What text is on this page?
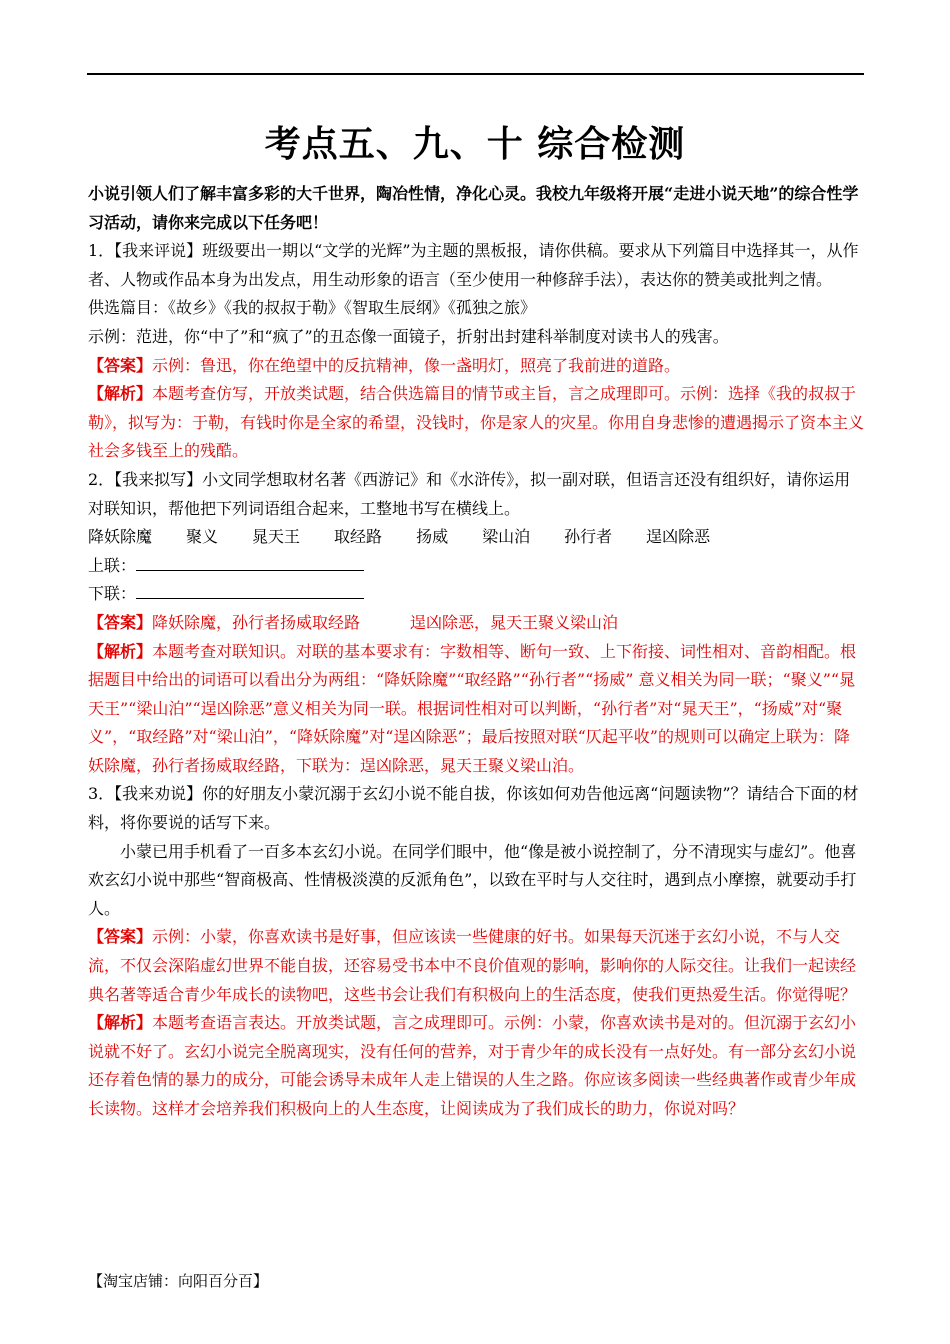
考点五、九、十 综合检测

小说引领人们了解丰富多彩的大千世界，陶冶性情，净化心灵。我校九年级将开展“走进小说天地”的综合性学习活动，请你来完成以下任务吧！

1．【我来评说】班级要出一期以“文学的光辉”为主题的黑板报，请你供稿。要求从下列篇目中选择其一，从作者、人物或作品本身为出发点，用生动形象的语言（至少使用一种修辞手法），表达你的赞美或批判之情。

供选篇目：《故乡》《我的叔叔于勒》《智取生辰纲》《孤独之旅》

示例：范进，你“中了”和“疯了”的丑态像一面镜子，折射出封建科举制度对读书人的残害。

【答案】示例：鲁迅，你在绝望中的反抗精神，像一盏明灯，照亮了我前进的道路。

【解析】本题考查仿写，开放类试题，结合供选篇目的情节或主旨，言之成理即可。示例：选择《我的叔叔于勒》，拟写为：于勒，有钱时你是全家的希望，没钱时，你是家人的灾星。你用自身悲惨的遭遇揭示了资本主义社会多钱至上的残酷。

2．【我来拟写】小文同学想取材名著《西游记》和《水浒传》，拟一副对联，但语言还没有组织好，请你运用对联知识，帮他把下列词语组合起来，工整地书写在横线上。

降妖除魔 聚义 晁天王 取经路 扬威 梁山泊 孙行者 逞凶除恶

上联：

下联：

【答案】降妖除魔，孙行者扬威取经路	逞凶除恶，晁天王聚义梁山泊

【解析】本题考查对联知识。对联的基本要求有：字数相等、断句一致、上下衔接、词性相对、音韵相配。根据题目中给出的词语可以看出分为两组：“降妖除魔”“取经路”“孙行者”“扬威” 意义相关为同一联；“聚义”“晁天王”“梁山泊”“逞凶除恶”意义相关为同一联。根据词性相对可以判断，“孙行者”对“晁天王”，“扬威”对“聚义”，“取经路”对“梁山泊”，“降妖除魔”对“逞凶除恶”；最后按照对联“仄起平收”的规则可以确定上联为：降妖除魔，孙行者扬威取经路，下联为：逞凶除恶，晁天王聚义梁山泊。

3．【我来劝说】你的好朋友小蒙沉溺于玄幻小说不能自拔，你该如何劝告他远离“问题读物”？请结合下面的材料，将你要说的话写下来。

小蒙已用手机看了一百多本玄幻小说。在同学们眼中，他“像是被小说控制了，分不清现实与虚幻”。他喜欢玄幻小说中那些“智商极高、性情极淡漠的反派角色”，以致在平时与人交往时，遇到点小摩擦，就要动手打人。

【答案】示例：小蒙，你喜欢读书是好事，但应该读一些健康的好书。如果每天沉迷于玄幻小说，不与人交流，不仅会深陷虚幻世界不能自拔，还容易受书本中不良价值观的影响，影响你的人际交往。让我们一起读经典名著等适合青少年成长的读物吧，这些书会让我们有积极向上的生活态度，使我们更热爱生活。你觉得呢？

【解析】本题考查语言表达。开放类试题，言之成理即可。示例：小蒙，你喜欢读书是对的。但沉溺于玄幻小说就不好了。玄幻小说完全脱离现实，没有任何的营养，对于青少年的成长没有一点好处。有一部分玄幻小说还存着色情的暴力的成分，可能会诱导未成年人走上错误的人生之路。你应该多阅读一些经典著作或青少年成长读物。这样才会培养我们积极向上的人生态度，让阅读成为了我们成长的助力，你说对吗？

【淘宝店铺：向阳百分百】
